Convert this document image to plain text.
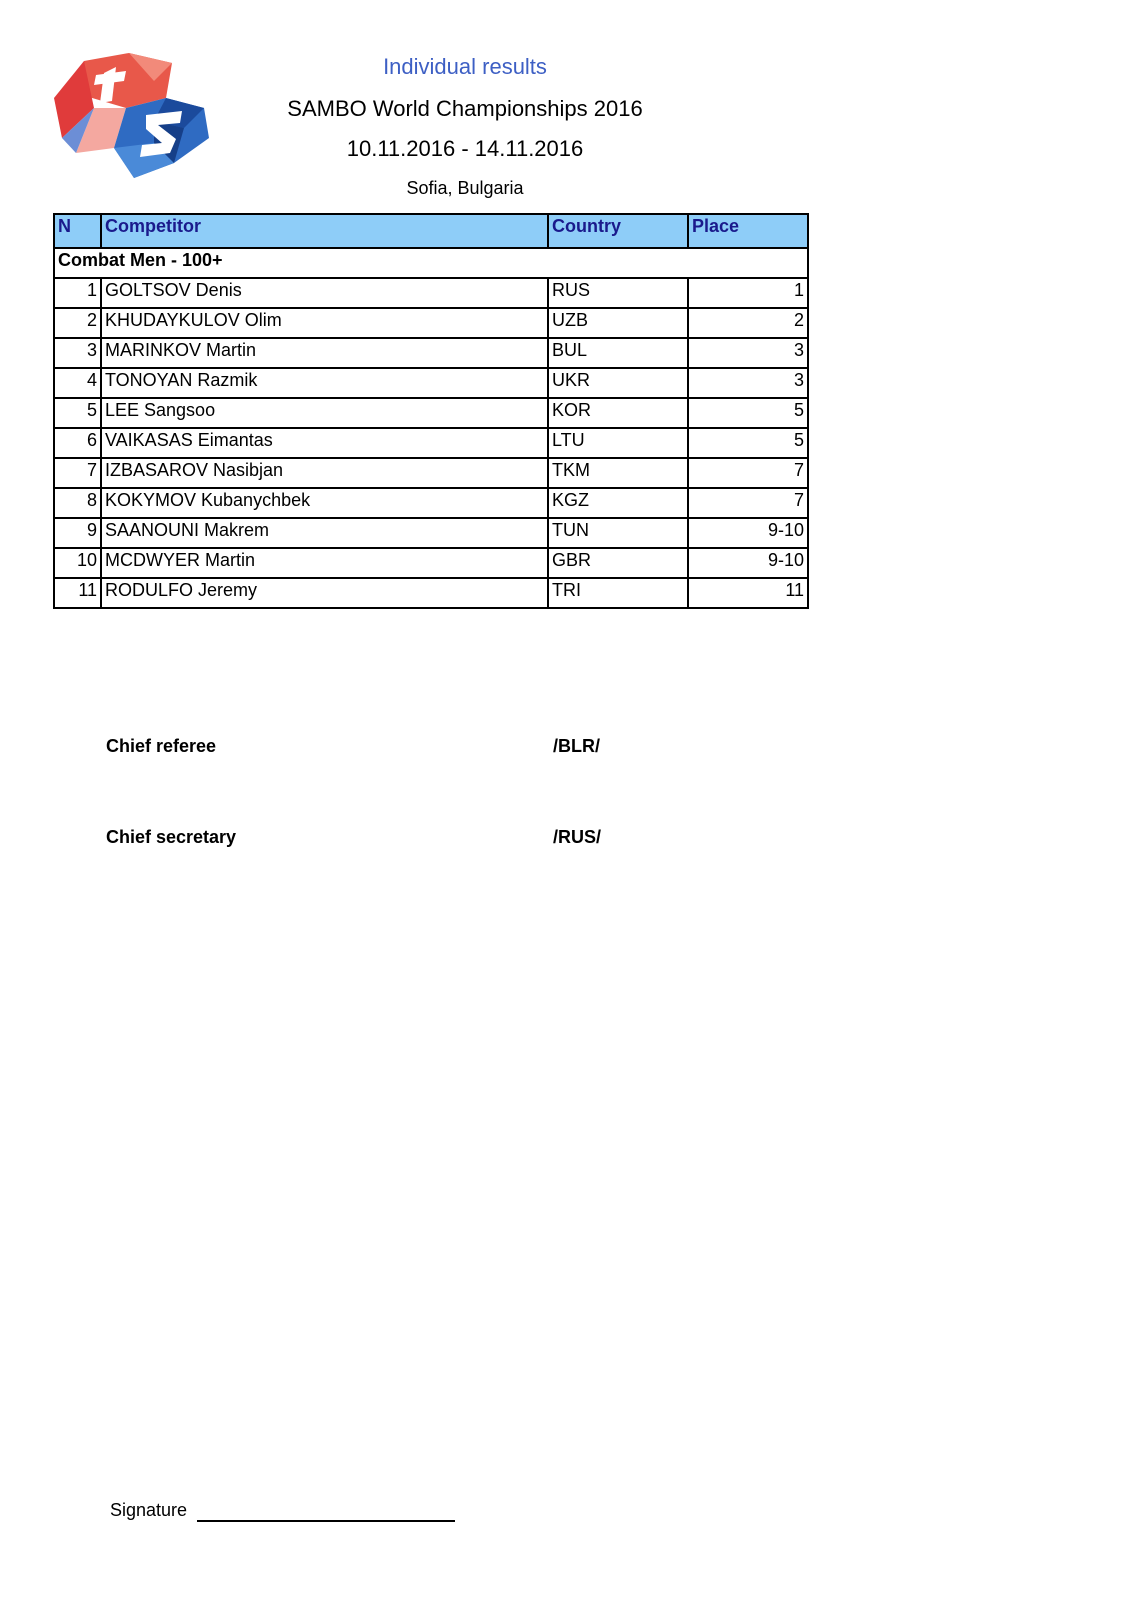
Individual results
SAMBO World Championships 2016
10.11.2016 - 14.11.2016
Sofia, Bulgaria
N	Competitor	Country	Place
Combat Men - 100+			
1	GOLTSOV Denis	RUS	1
2	KHUDAYKULOV Olim	UZB	2
3	MARINKOV Martin	BUL	3
4	TONOYAN Razmik	UKR	3
5	LEE Sangsoo	KOR	5
6	VAIKASAS Eimantas	LTU	5
7	IZBASAROV Nasibjan	TKM	7
8	KOKYMOV Kubanychbek	KGZ	7
9	SAANOUNI Makrem	TUN	9-10
10	MCDWYER Martin	GBR	9-10
11	RODULFO Jeremy	TRI	11
Chief referee	/BLR/
Chief secretary	/RUS/
Signature
